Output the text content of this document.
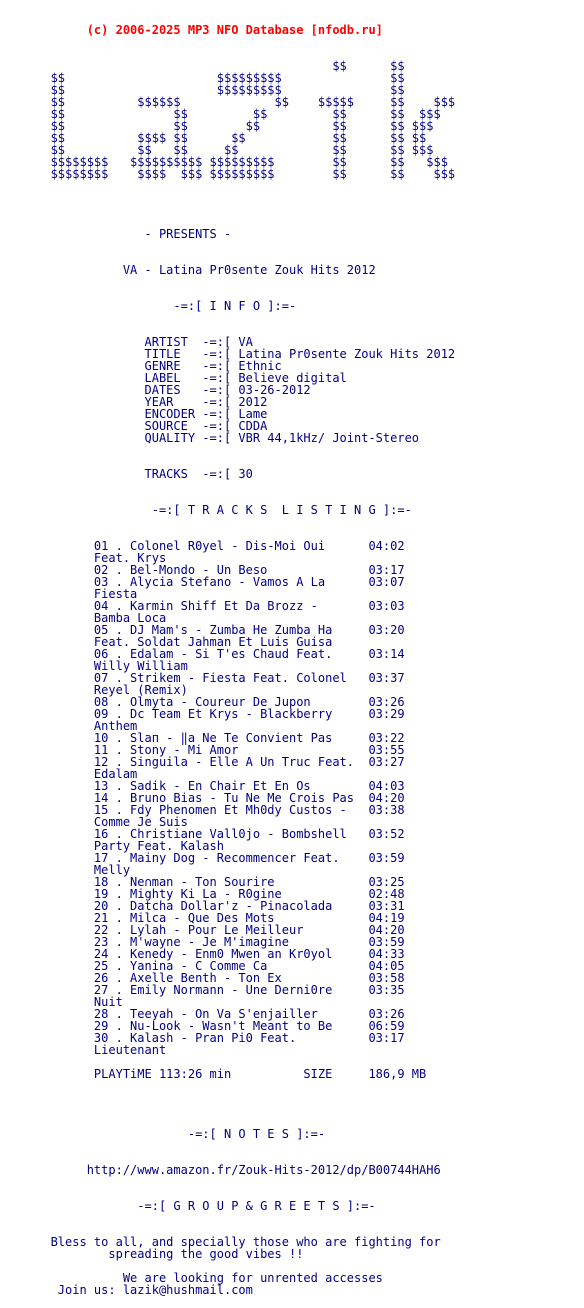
(c) 2006-2025 MP3 NFO Database [nfodb.ru]

$$      $$
$$                     $$$$$$$$$               $$
$$                     $$$$$$$$$               $$
$$          $$$$$$             $$    $$$$$     $$    $$$
$$               $$         $$         $$      $$  $$$
$$               $$        $$          $$      $$ $$$
$$          $$$$ $$      $$            $$      $$ $$
$$          $$   $$     $$             $$      $$ $$$
$$$$$$$$   $$$$$$$$$$ $$$$$$$$$        $$      $$   $$$
$$$$$$$$    $$$$  $$$ $$$$$$$$$        $$      $$    $$$
- PRESENTS -
VA - Latina Pr0sente Zouk Hits 2012
-=:[ I N F O ]:=-
ARTIST  -=:[ VA
TITLE   -=:[ Latina Pr0sente Zouk Hits 2012
GENRE   -=:[ Ethnic
LABEL   -=:[ Believe digital
DATES   -=:[ 03-26-2012
YEAR    -=:[ 2012
ENCODER -=:[ Lame
SOURCE  -=:[ CDDA
QUALITY -=:[ VBR 44,1kHz/ Joint-Stereo
TRACKS  -=:[ 30
-=:[ T R A C K S  L I S T I N G ]:=-
01 . Colonel R0yel - Dis-Moi Oui      04:02
Feat. Krys
02 . Bel-Mondo - Un Beso              03:17
03 . Alycia Stefano - Vamos A La      03:07
Fiesta
04 . Karmin Shiff Et Da Brozz -       03:03
Bamba Loca
05 . DJ Mam's - Zumba He Zumba Ha     03:20
Feat. Soldat Jahman Et Luis Guisa
06 . Edalam - Si T'es Chaud Feat.     03:14
Willy William
07 . Strikem - Fiesta Feat. Colonel   03:37
Reyel (Remix)
08 . Olmyta - Coureur De Jupon        03:26
09 . Dc Team Et Krys - Blackberry     03:29
Anthem
10 . Slaп - ‖a Ne Te Convient Pas     03:22
11 . Stony - Mi Amor                  03:55
12 . Singuila - Elle A Un Truc Feat.  03:27
Edalam
13 . Sadik - En Chair Et En Os        04:03
14 . Bruno Bias - Tu Ne Me Crois Pas  04:20
15 . Fdy Phenomen Et Mh0dy Custos -   03:38
Comme Je Suis
16 . Christiane Vall0jo - Bombshell   03:52
Party Feat. Kalash
17 . Mainy Dog - Recommencer Feat.    03:59
Melly
18 . Ne∩man - Ton Sourire             03:25
19 . Mighty Ki La - R0gine            02:48
20 . Datcha Dollar'z - Pinacolada     03:31
21 . Milca - Que Des Mots             04:19
22 . Lylah - Pour Le Meilleur         04:20
23 . M'wayne - Je M'imagine           03:59
24 . Kenedy - Enm0 Mwen an Kr0yol     04:33
25 . Yanina - C Comme Ca              04:05
26 . Axelle Benth - Ton Ex            03:58
27 . Emily Normann - Une Derni0re     03:35
Nuit
28 . Teeyah - On Va S'enjailler       03:26
29 . Nu-Look - Wasn't Meant to Be     06:59
30 . Kalash - Pran Pi0 Feat.          03:17
Lieutenant
PLAYTiME 113:26 min          SIZE     186,9 MB
-=:[ N O T E S ]:=-
http://www.amazon.fr/Zouk-Hits-2012/dp/B00744HAH6
-=:[ G R O U P & G R E E T S ]:=-
Bless to all, and specially those who are fighting for
spreading the good vibes !!
We are looking for unrented accesses
Join us: lazik@hushmail.com
